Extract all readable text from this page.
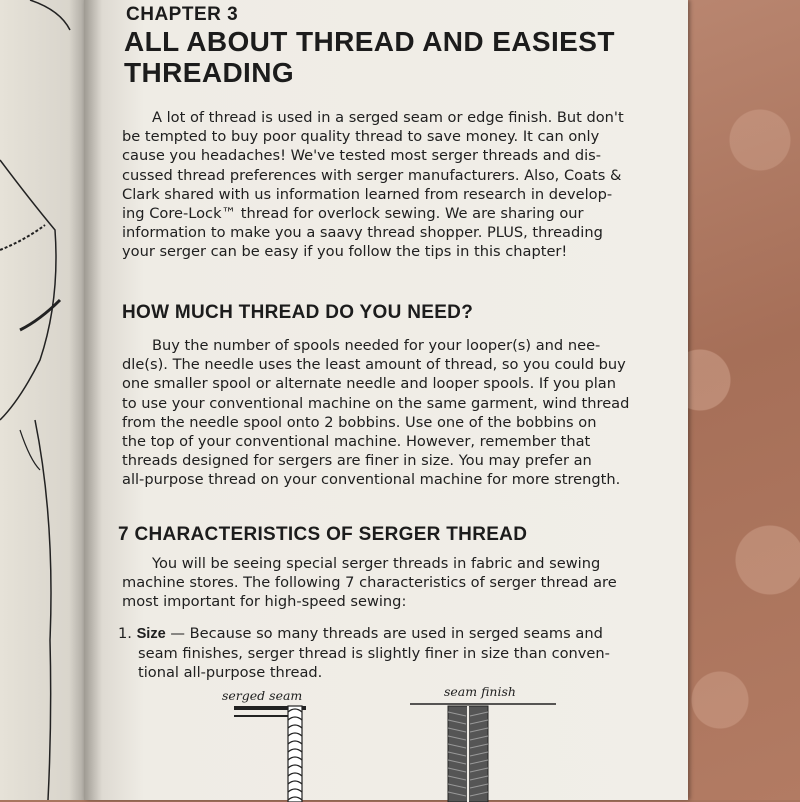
CHAPTER 3
ALL ABOUT THREAD AND EASIEST
THREADING
A lot of thread is used in a serged seam or edge finish. But don't
be tempted to buy poor quality thread to save money. It can only
cause you headaches! We've tested most serger threads and dis-
cussed thread preferences with serger manufacturers. Also, Coats &
Clark shared with us information learned from research in develop-
ing Core-Lock™ thread for overlock sewing. We are sharing our
information to make you a saavy thread shopper. PLUS, threading
your serger can be easy if you follow the tips in this chapter!
HOW MUCH THREAD DO YOU NEED?
Buy the number of spools needed for your looper(s) and nee-
dle(s). The needle uses the least amount of thread, so you could buy
one smaller spool or alternate needle and looper spools. If you plan
to use your conventional machine on the same garment, wind thread
from the needle spool onto 2 bobbins. Use one of the bobbins on
the top of your conventional machine. However, remember that
threads designed for sergers are finer in size. You may prefer an
all-purpose thread on your conventional machine for more strength.
7 CHARACTERISTICS OF SERGER THREAD
You will be seeing special serger threads in fabric and sewing
machine stores. The following 7 characteristics of serger thread are
most important for high-speed sewing:
1. Size — Because so many threads are used in serged seams and
seam finishes, serger thread is slightly finer in size than conven-
tional all-purpose thread.
serged seam	seam finish
